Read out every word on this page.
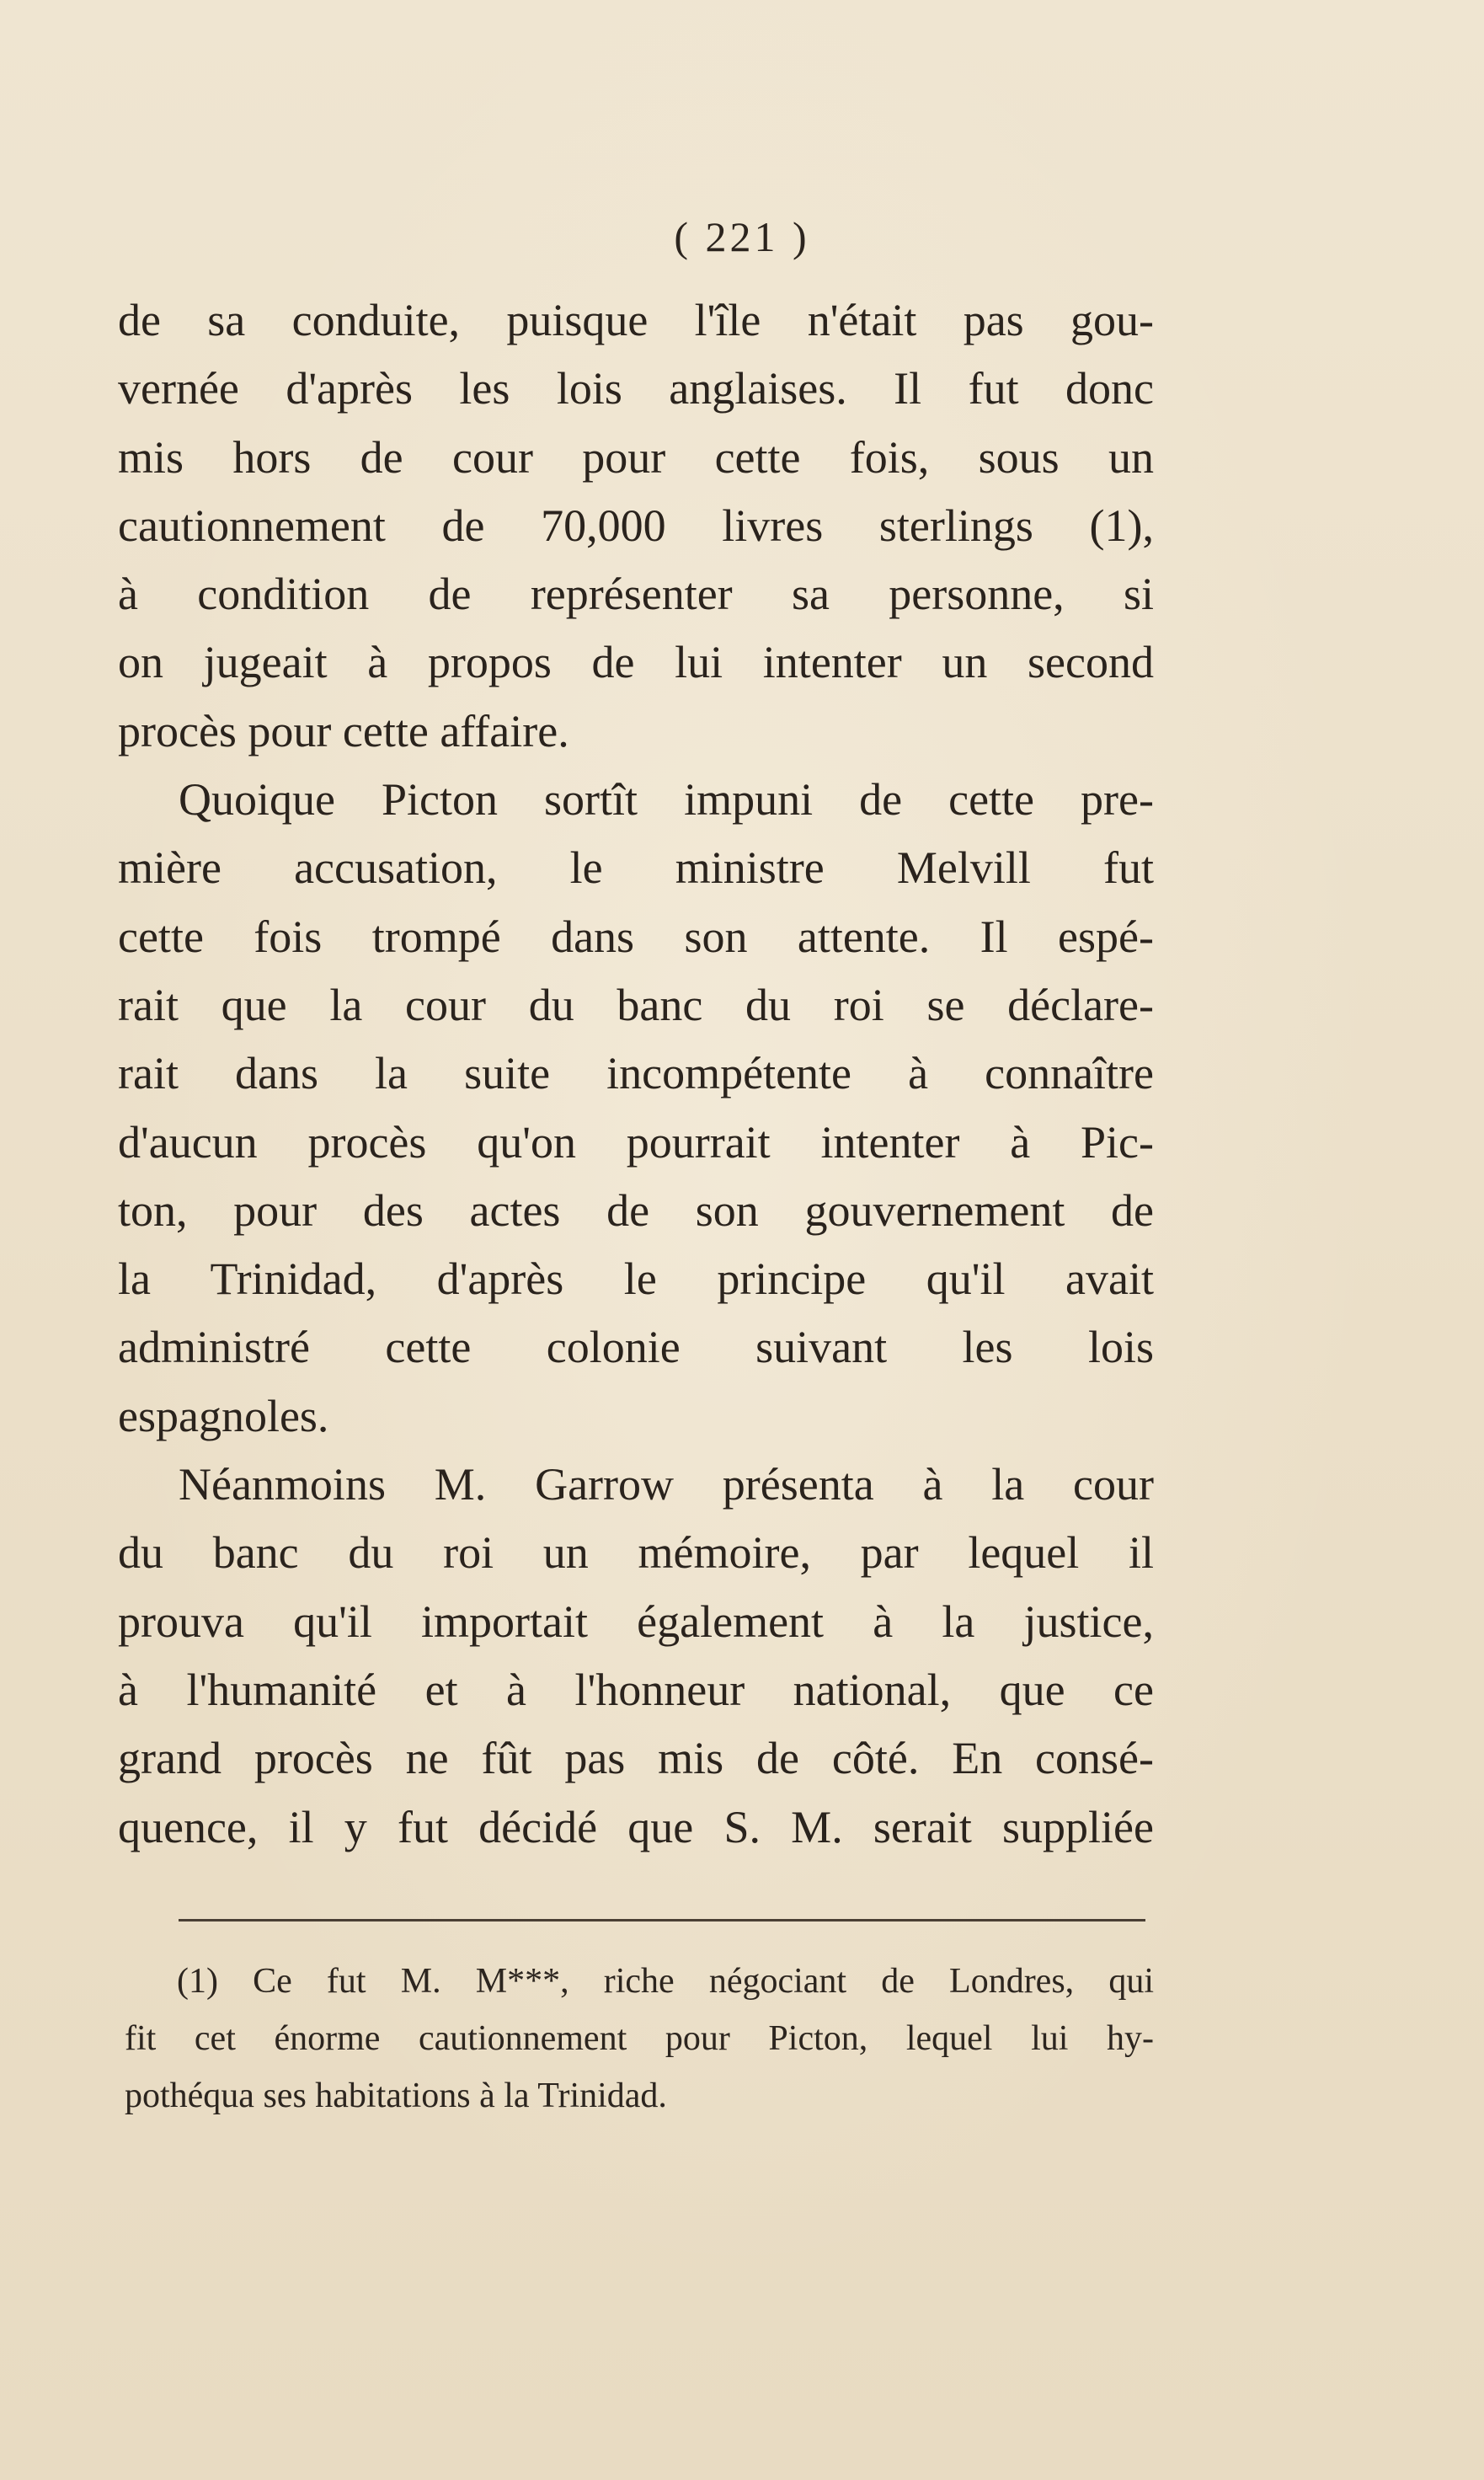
( 221 )
de sa conduite, puisque l'île n'était pas gou-
vernée d'après les lois anglaises. Il fut donc
mis hors de cour pour cette fois, sous un
cautionnement de 70,000 livres sterlings (1),
à condition de représenter sa personne, si
on jugeait à propos de lui intenter un second
procès pour cette affaire.
Quoique Picton sortît impuni de cette pre-
mière accusation, le ministre Melvill fut
cette fois trompé dans son attente. Il espé-
rait que la cour du banc du roi se déclare-
rait dans la suite incompétente à connaître
d'aucun procès qu'on pourrait intenter à Pic-
ton, pour des actes de son gouvernement de
la Trinidad, d'après le principe qu'il avait
administré cette colonie suivant les lois
espagnoles.
Néanmoins M. Garrow présenta à la cour
du banc du roi un mémoire, par lequel il
prouva qu'il importait également à la justice,
à l'humanité et à l'honneur national, que ce
grand procès ne fût pas mis de côté. En consé-
quence, il y fut décidé que S. M. serait suppliée
(1) Ce fut M. M***, riche négociant de Londres, qui
fit cet énorme cautionnement pour Picton, lequel lui hy-
pothéqua ses habitations à la Trinidad.
